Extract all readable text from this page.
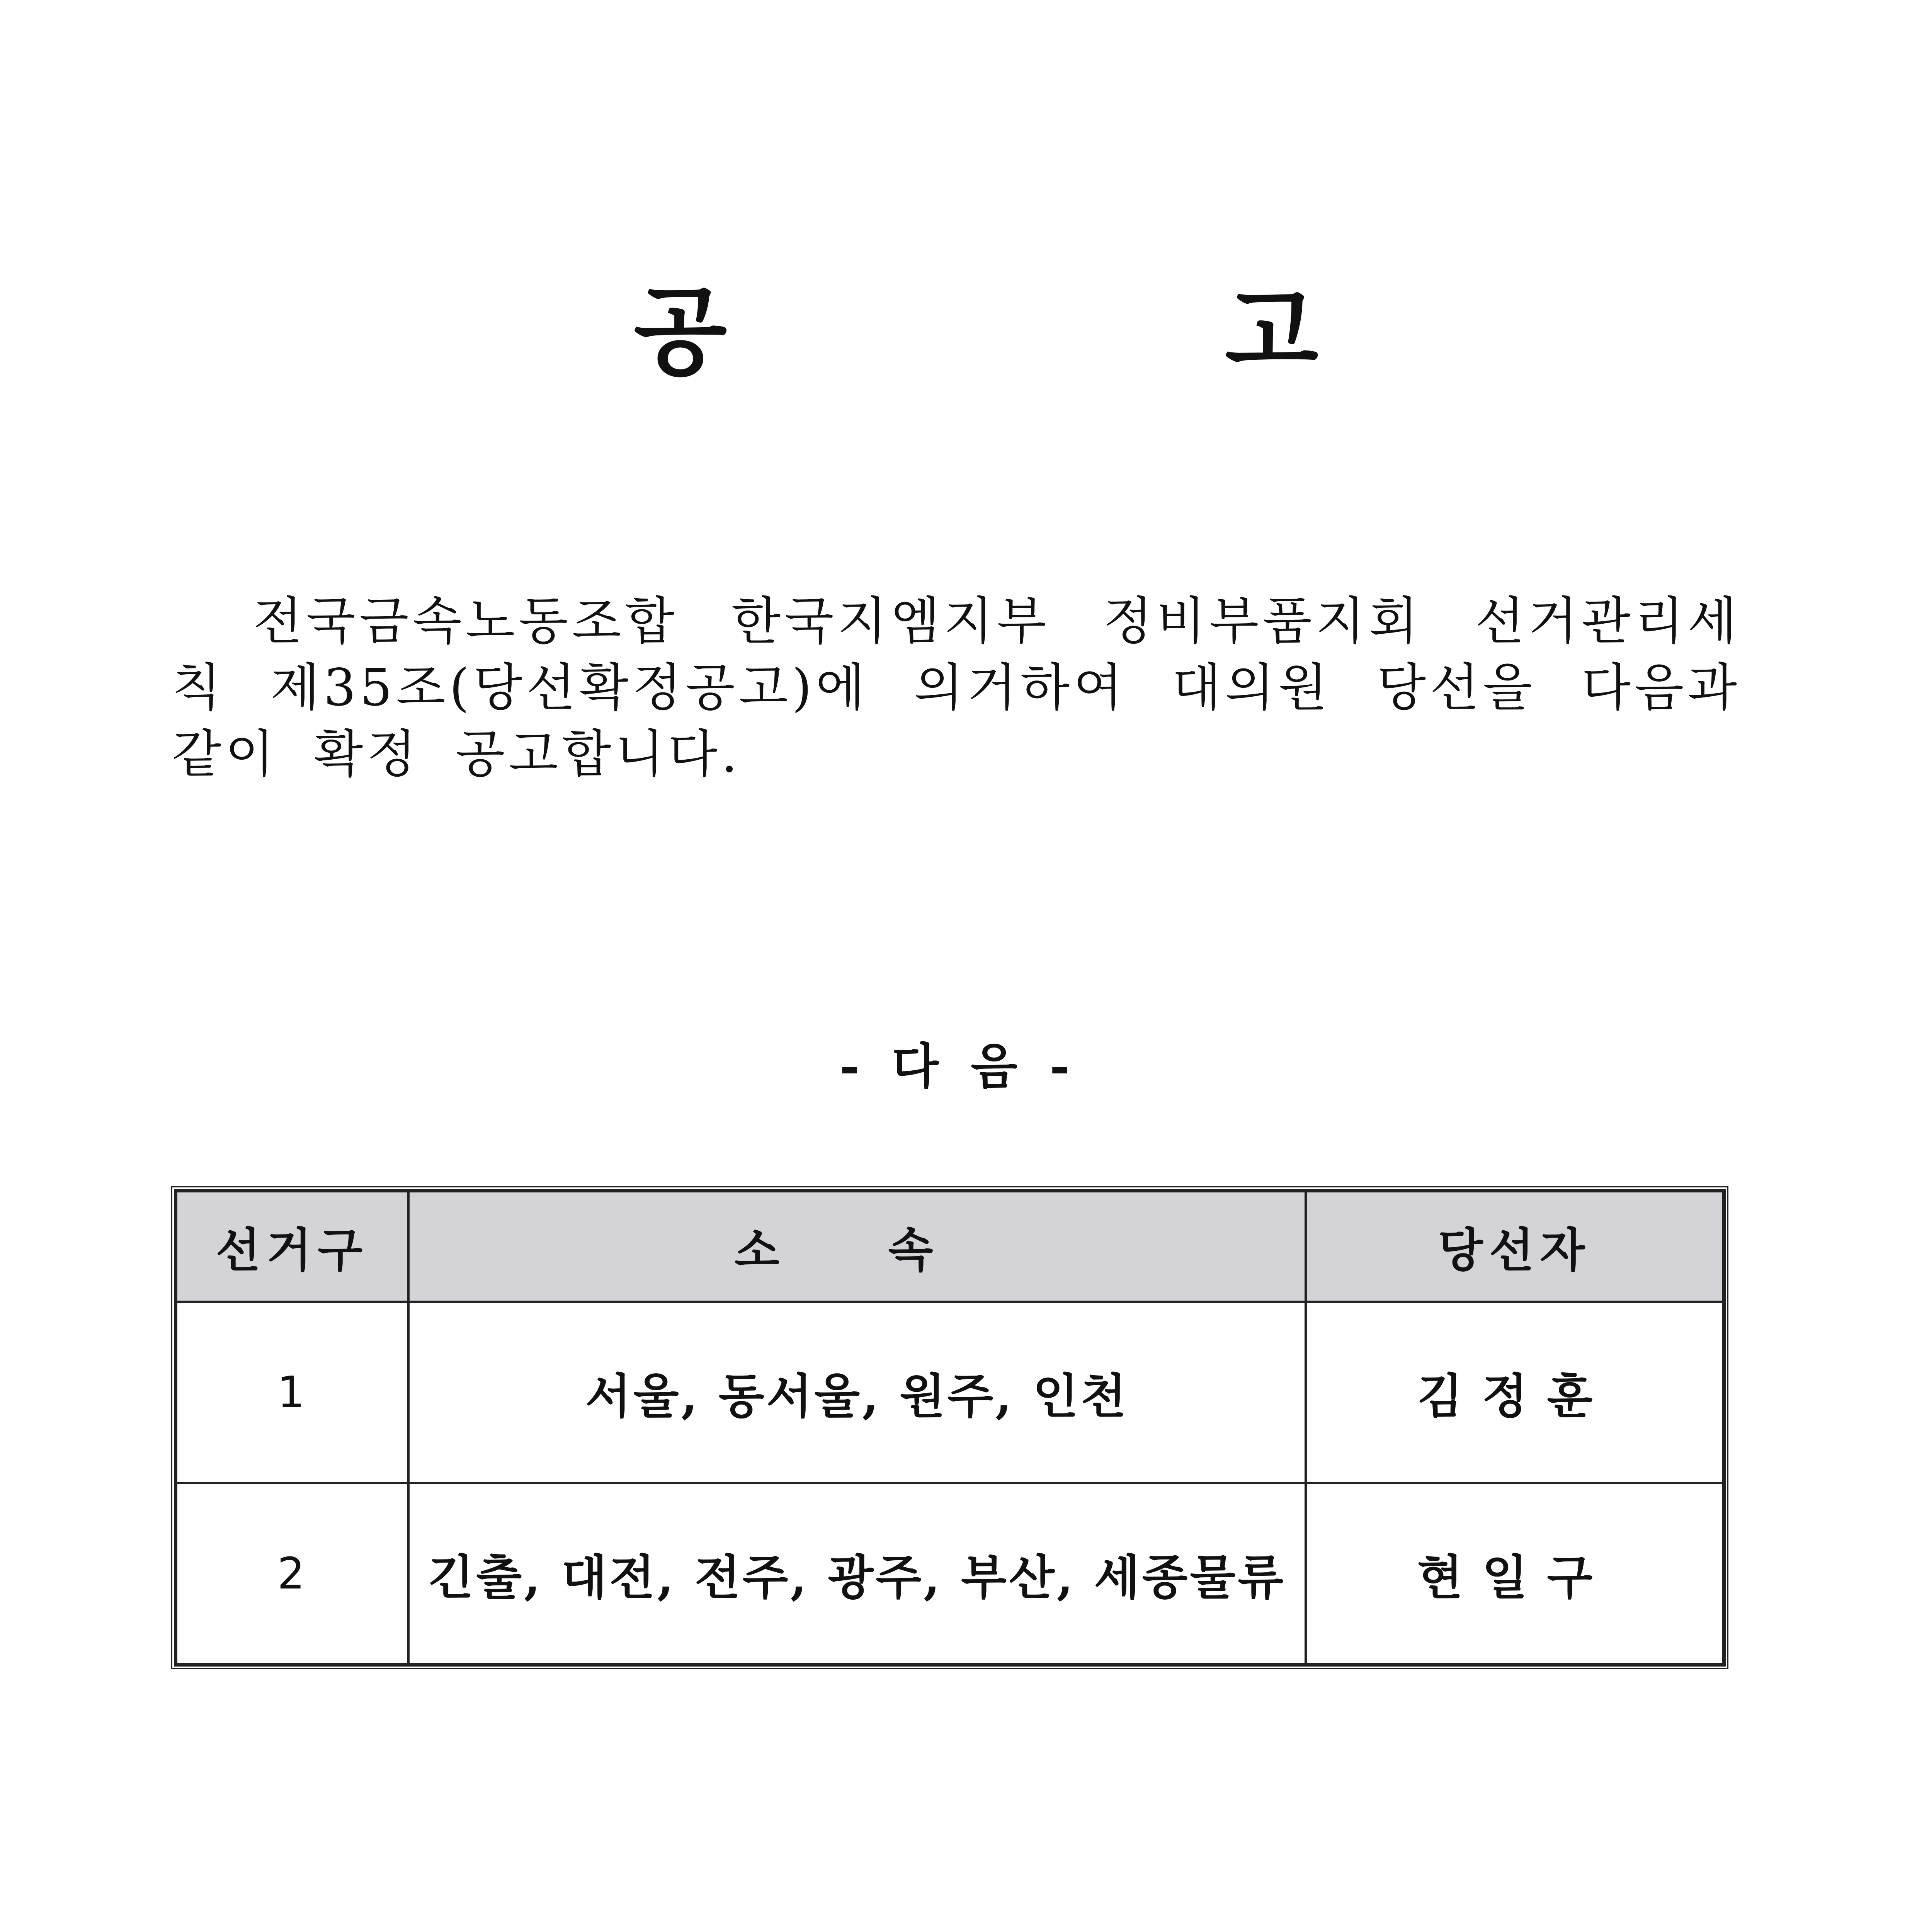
공	고

전국금속노동조합 한국지엠지부 정비부품지회 선거관리세칙 제35조(당선확정공고)에 의거하여 대의원 당선을 다음과 같이 확정 공고합니다.

- 다 음 -
선거구	소 속	당선자
1	서울, 동서울, 원주, 인천	김정훈
2	긴출, 대전, 전주, 광주, 부산, 세종물류	현일구
